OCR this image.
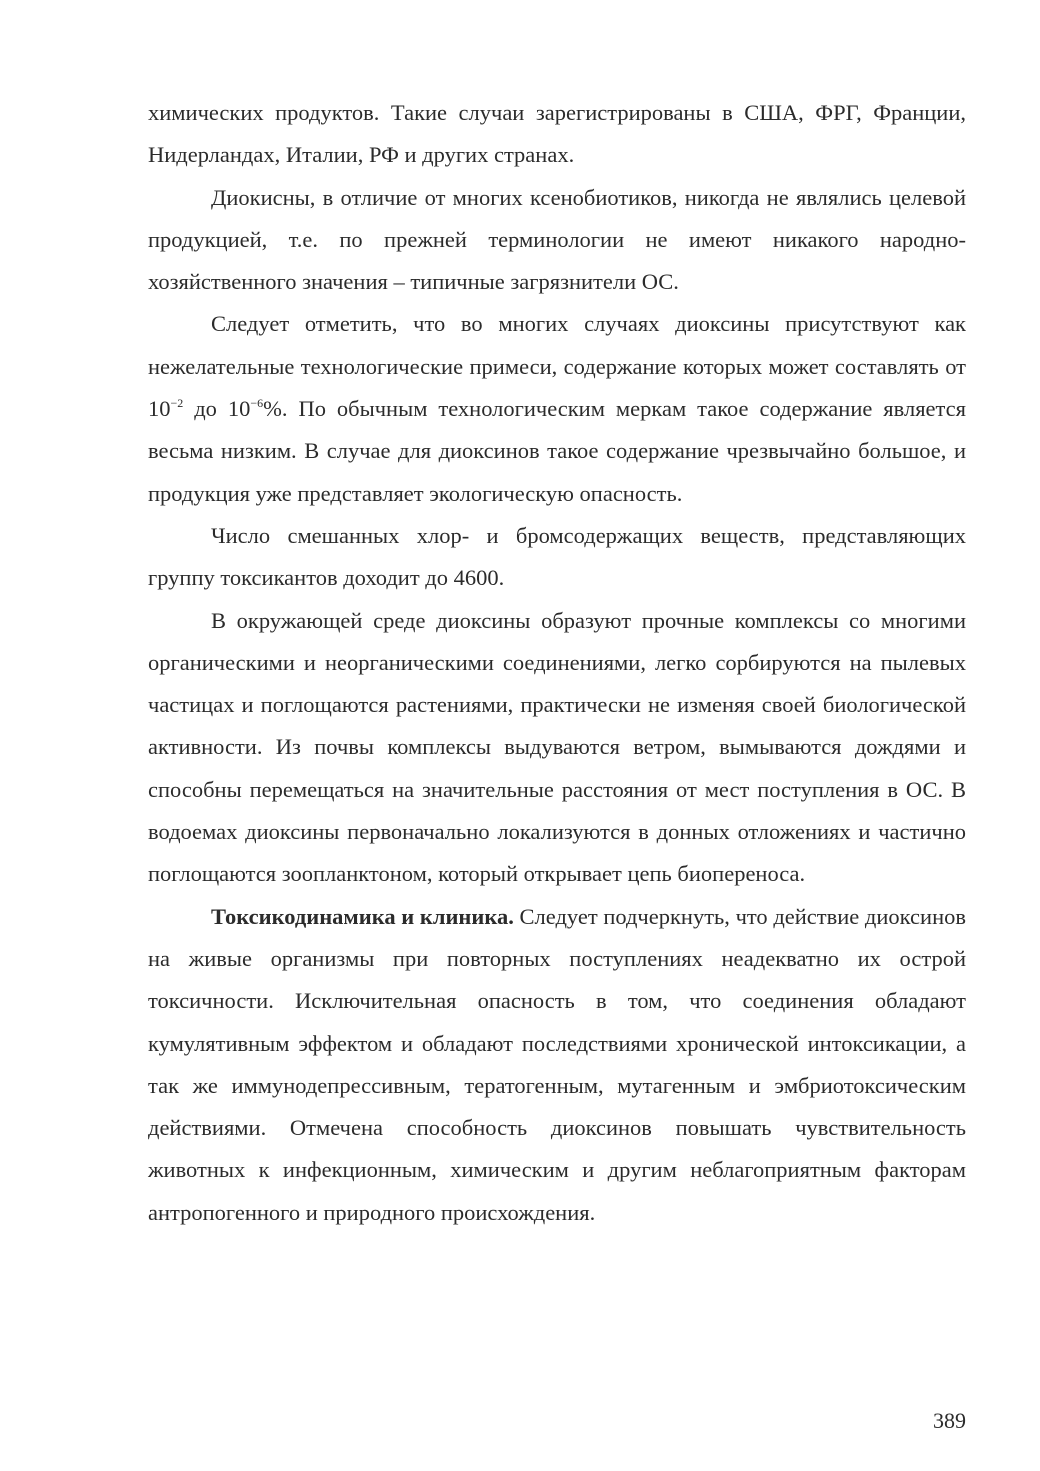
химических продуктов. Такие случаи зарегистрированы в США, ФРГ, Франции, Нидерландах, Италии, РФ и других странах.

Диокисны, в отличие от многих ксенобиотиков, никогда не являлись целевой продукцией, т.е. по прежней терминологии не имеют никакого народно-хозяйственного значения – типичные загрязнители ОС.

Следует отметить, что во многих случаях диоксины присутствуют как нежелательные технологические примеси, содержание которых может составлять от $10^{-2}$ до $10^{-6}\%$. По обычным технологическим меркам такое содержание является весьма низким. В случае для диоксинов такое содержание чрезвычайно большое, и продукция уже представляет экологическую опасность.

Число смешанных хлор- и бромсодержащих веществ, представляющих группу токсикантов доходит до 4600.

В окружающей среде диоксины образуют прочные комплексы со многими органическими и неорганическими соединениями, легко сорбируются на пылевых частицах и поглощаются растениями, практически не изменяя своей биологической активности. Из почвы комплексы выдуваются ветром, вымываются дождями и способны перемещаться на значительные расстояния от мест поступления в ОС. В водоемах диоксины первоначально локализуются в донных отложениях и частично поглощаются зоопланктоном, который открывает цепь биопереноса.

Токсикодинамика и клиника. Следует подчеркнуть, что действие диоксинов на живые организмы при повторных поступлениях неадекватно их острой токсичности. Исключительная опасность в том, что соединения обладают кумулятивным эффектом и обладают последствиями хронической интоксикации, а так же иммунодепрессивным, тератогенным, мутагенным и эмбриотоксическим действиями. Отмечена способность диоксинов повышать чувствительность животных к инфекционным, химическим и другим неблагоприятным факторам антропогенного и природного происхождения.

389
